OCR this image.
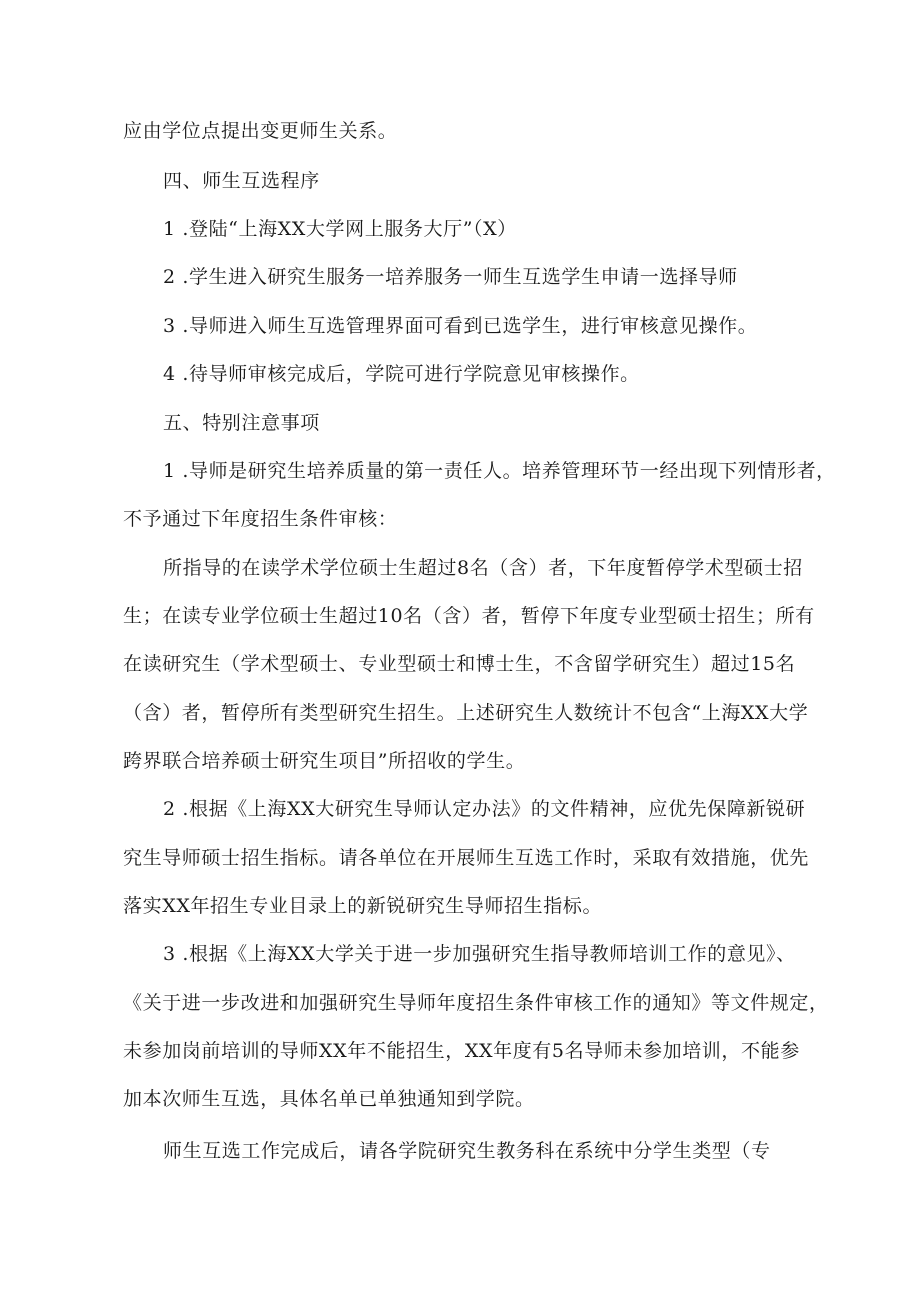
应由学位点提出变更师生关系。
四、师生互选程序
1 .登陆“上海XX大学网上服务大厅”（X）
2 .学生进入研究生服务一培养服务一师生互选学生申请一选择导师
3 .导师进入师生互选管理界面可看到已选学生，进行审核意见操作。
4 .待导师审核完成后，学院可进行学院意见审核操作。
五、特别注意事项
1 .导师是研究生培养质量的第一责任人。培养管理环节一经出现下列情形者，
不予通过下年度招生条件审核：
所指导的在读学术学位硕士生超过8名（含）者，下年度暂停学术型硕士招
生；在读专业学位硕士生超过10名（含）者，暂停下年度专业型硕士招生；所有
在读研究生（学术型硕士、专业型硕士和博士生，不含留学研究生）超过15名
（含）者，暂停所有类型研究生招生。上述研究生人数统计不包含“上海XX大学
跨界联合培养硕士研究生项目”所招收的学生。
2 .根据《上海XX大研究生导师认定办法》的文件精神，应优先保障新锐研
究生导师硕士招生指标。请各单位在开展师生互选工作时，采取有效措施，优先
落实XX年招生专业目录上的新锐研究生导师招生指标。
3 .根据《上海XX大学关于进一步加强研究生指导教师培训工作的意见》、
《关于进一步改进和加强研究生导师年度招生条件审核工作的通知》等文件规定，
未参加岗前培训的导师XX年不能招生，XX年度有5名导师未参加培训，不能参
加本次师生互选，具体名单已单独通知到学院。
师生互选工作完成后，请各学院研究生教务科在系统中分学生类型（专
